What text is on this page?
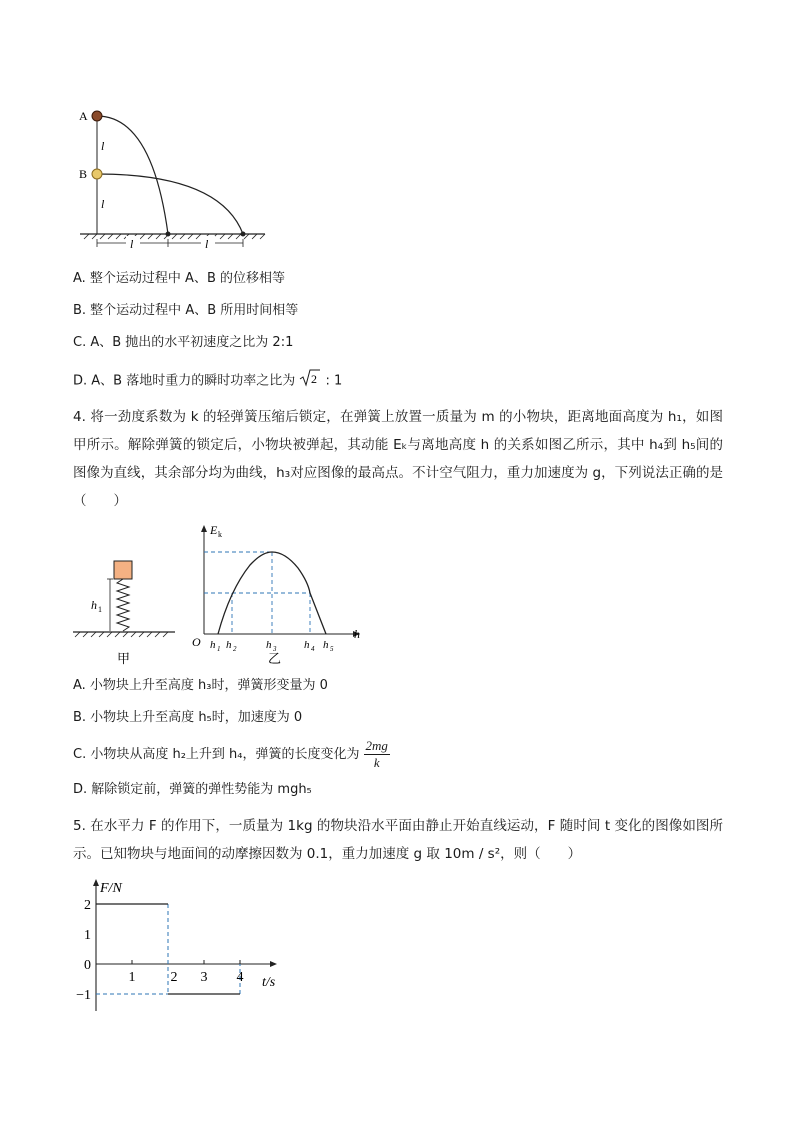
l
l
l	l
A
B
A. 整个运动过程中 A、B 的位移相等
B. 整个运动过程中 A、B 所用时间相等
C. A、B 抛出的水平初速度之比为 2:1
D. A、B 落地时重力的瞬时功率之比为 2 : 1
4. 将一劲度系数为 k 的轻弹簧压缩后锁定，在弹簧上放置一质量为 m 的小物块，距离地面高度为 h₁，如图甲所示。解除弹簧的锁定后，小物块被弹起，其动能 Eₖ与离地高度 h 的关系如图乙所示，其中 h₄到 h₅间的图像为直线，其余部分均为曲线，h₃对应图像的最高点。不计空气阻力，重力加速度为 g，下列说法正确的是（　　）
h 1
甲
E k
h
O h 1 h 2	h 3	h 4 h 5
乙
A. 小物块上升至高度 h₃时，弹簧形变量为 0
B. 小物块上升至高度 h₅时，加速度为 0
C. 小物块从高度 h₂上升到 h₄，弹簧的长度变化为 $\frac{2mg}{k}$
D. 解除锁定前，弹簧的弹性势能为 mgh₅
5. 在水平力 F 的作用下，一质量为 1kg 的物块沿水平面由静止开始直线运动，F 随时间 t 变化的图像如图所示。已知物块与地面间的动摩擦因数为 0.1，重力加速度 g 取 10m / s²，则（　　）
F/N
t/s
2
1
0
−1
1	2 3 4
